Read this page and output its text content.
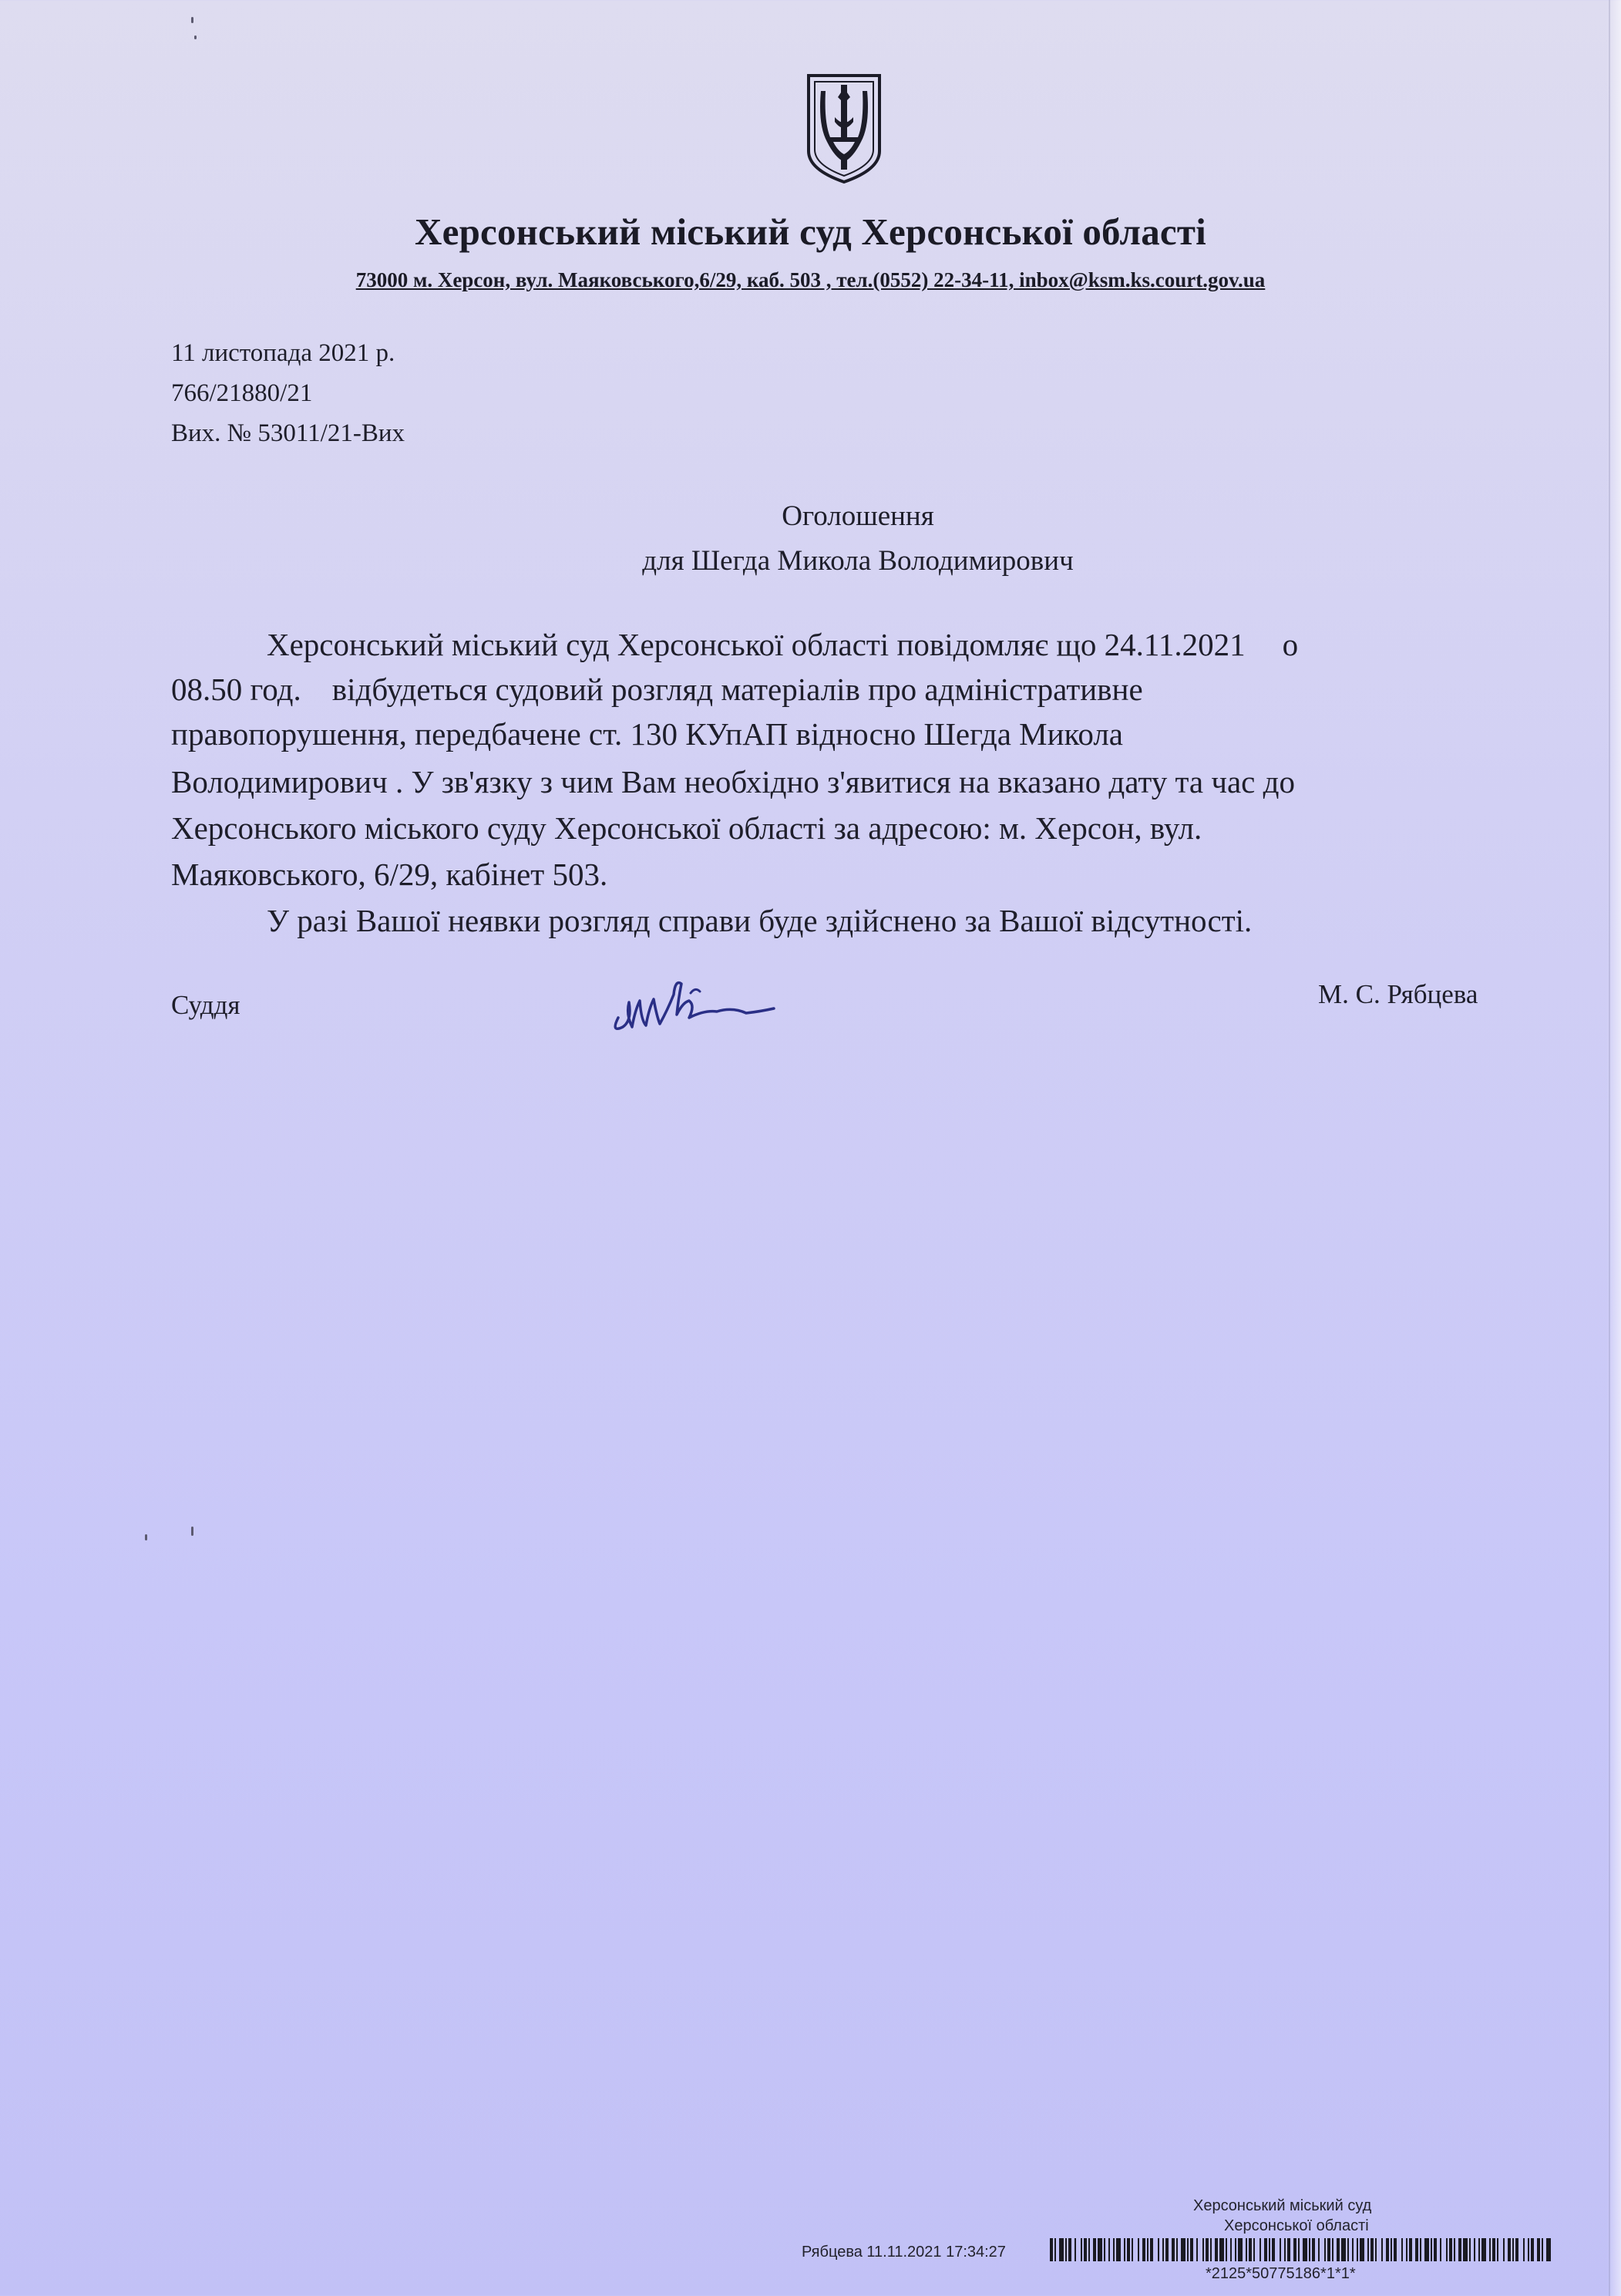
Херсонський міський суд Херсонської області
73000 м. Херсон, вул. Маяковського,6/29, каб. 503 , тел.(0552) 22-34-11, inbox@ksm.ks.court.gov.ua
11 листопада 2021 р.
766/21880/21
Вих. № 53011/21-Вих
Оголошення
для Шегда Микола Володимирович
Херсонський міський суд Херсонської області повідомляє що 24.11.2021 о
08.50 год. відбудеться судовий розгляд матеріалів про адміністративне
правопорушення, передбачене ст. 130 КУпАП відносно Шегда Микола
Володимирович . У зв'язку з чим Вам необхідно з'явитися на вказано дату та час до
Херсонського міського суду Херсонської області за адресою: м. Херсон, вул.
Маяковського, 6/29, кабінет 503.
У разі Вашої неявки розгляд справи буде здійснено за Вашої відсутності.
Суддя	М. С. Рябцева
Херсонський міський суд
Херсонської області
Рябцева 11.11.2021 17:34:27
*2125*50775186*1*1*
